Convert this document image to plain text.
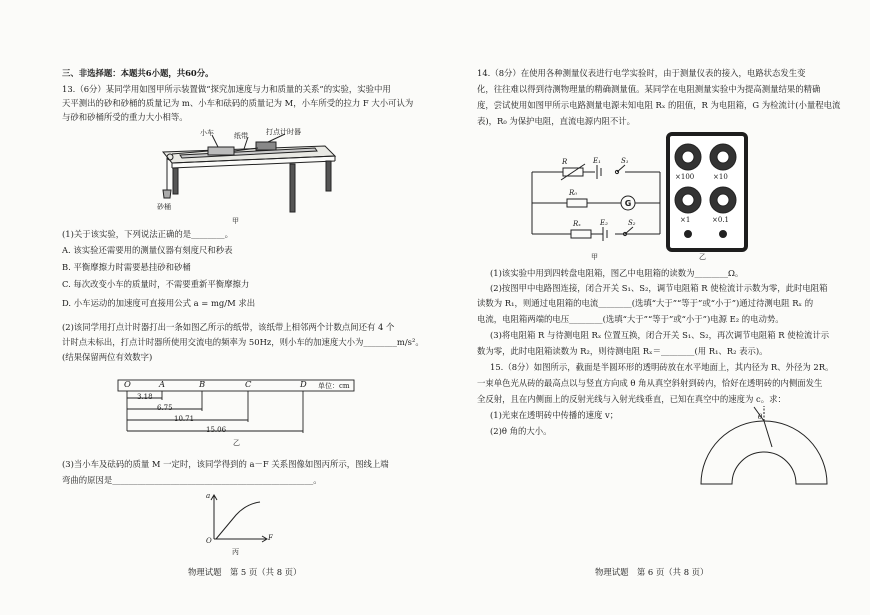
三、非选择题：本题共6小题，共60分。
13.（6分）某同学用如图甲所示装置做“探究加速度与力和质量的关系”的实验，实验中用
天平测出的砂和砂桶的质量记为 m、小车和砝码的质量记为 M，小车所受的拉力 F 大小可认为
与砂和砂桶所受的重力大小相等。
小车	纸带	打点计时器
砂桶
甲
(1)关于该实验，下列说法正确的是________。
A. 该实验还需要用的测量仪器有刻度尺和秒表
B. 平衡摩擦力时需要悬挂砂和砂桶
C. 每次改变小车的质量时，不需要重新平衡摩擦力
D. 小车运动的加速度可直接用公式 a = mg/M 求出
(2)该同学用打点计时器打出一条如图乙所示的纸带，该纸带上相邻两个计数点间还有 4 个
计时点未标出，打点计时器所使用交流电的频率为 50Hz，则小车的加速度大小为________m/s²。
(结果保留两位有效数字)
O	A	B	C	D 单位：cm
3.18
6.75
10.71
15.06
乙
(3)当小车及砝码的质量 M 一定时，该同学得到的 a－F 关系图像如图丙所示，图线上端
弯曲的原因是________________________________________________。
a
F
O
丙
物理试题　第 5 页（共 8 页）
14.（8分）在使用各种测量仪表进行电学实验时，由于测量仪表的接入，电路状态发生变
化，往往难以得到待测物理量的精确测量值。某同学在电阻测量实验中为提高测量结果的精确
度，尝试使用如图甲所示电路测量电源未知电阻 Rₓ 的阻值，R 为电阻箱，G 为检流计(小量程电流
表)，R₀ 为保护电阻，直流电源内阻不计。
G
R	E₁	S₁
R₀
Rₓ	E₂	S₂
甲
×100	×10
×1	×0.1
乙
(1)该实验中用到四转盘电阻箱，图乙中电阻箱的读数为________Ω。
(2)按图甲中电路图连接，闭合开关 S₁、S₂，调节电阻箱 R 使检流计示数为零，此时电阻箱
读数为 R₁，则通过电阻箱的电流________(选填“大于”“等于”或“小于”)通过待测电阻 Rₓ 的
电流，电阻箱两端的电压________(选填“大于”“等于”或“小于”)电源 E₂ 的电动势。
(3)将电阻箱 R 与待测电阻 Rₓ 位置互换，闭合开关 S₁、S₂，再次调节电阻箱 R 使检流计示
数为零，此时电阻箱读数为 R₂，则待测电阻 Rₓ＝________(用 R₁、R₂ 表示)。
15.（8分）如图所示，截面是半圆环形的透明砖放在水平地面上，其内径为 R、外径为 2R。
一束单色光从砖的最高点以与竖直方向成 θ 角从真空斜射到砖内，恰好在透明砖的内侧面发生
全反射，且在内侧面上的反射光线与入射光线垂直，已知在真空中的速度为 c。求：
(1)光束在透明砖中传播的速度 v；
(2)θ 角的大小。
θ
物理试题　第 6 页（共 8 页）
